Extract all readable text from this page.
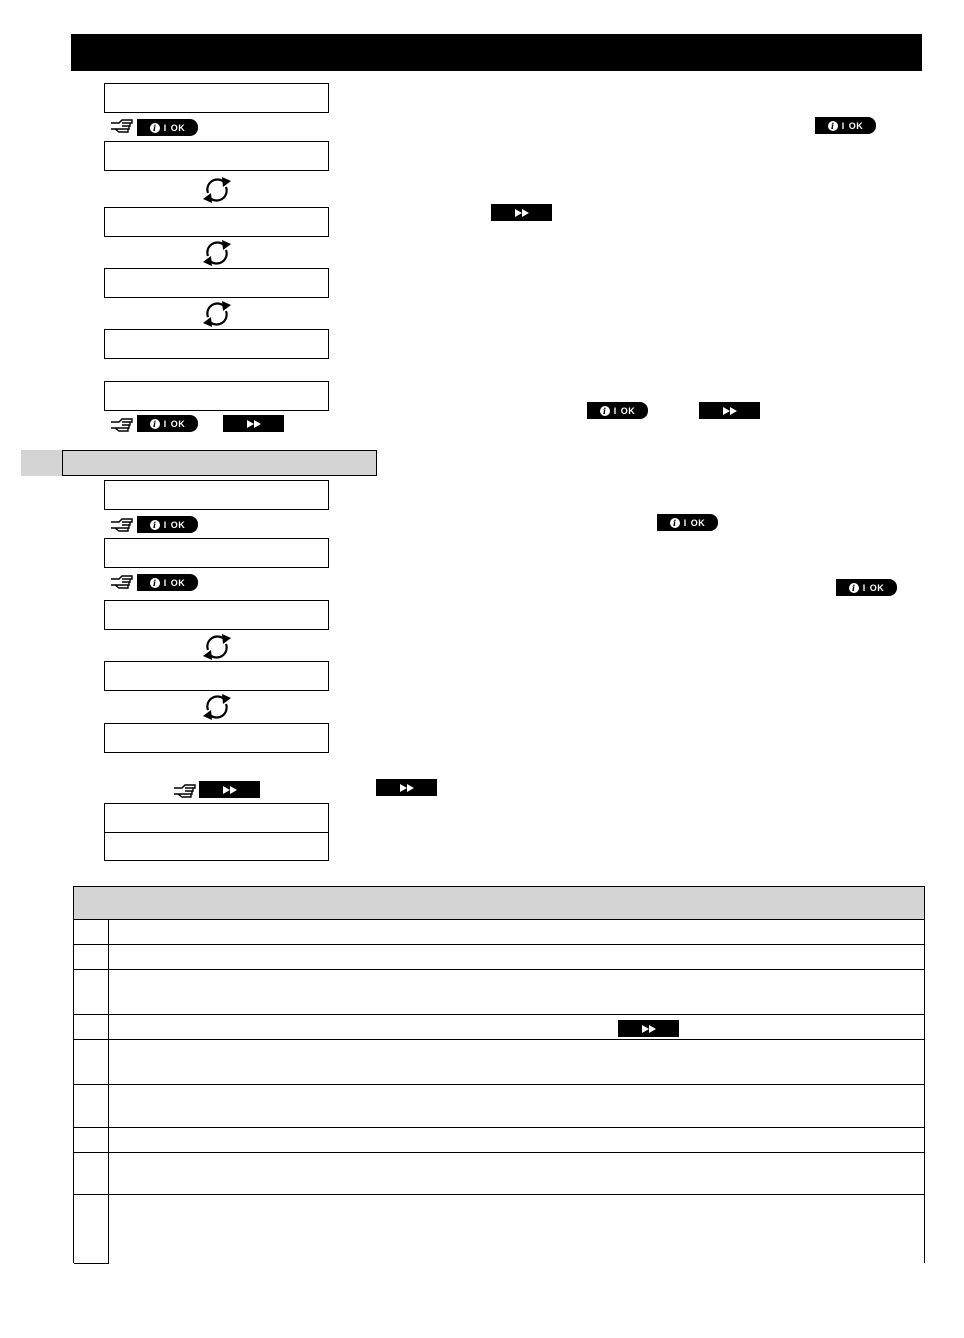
i I OK	i I OK
i I OK
i I OK
i I OK	i I OK
i I OK	i I OK
